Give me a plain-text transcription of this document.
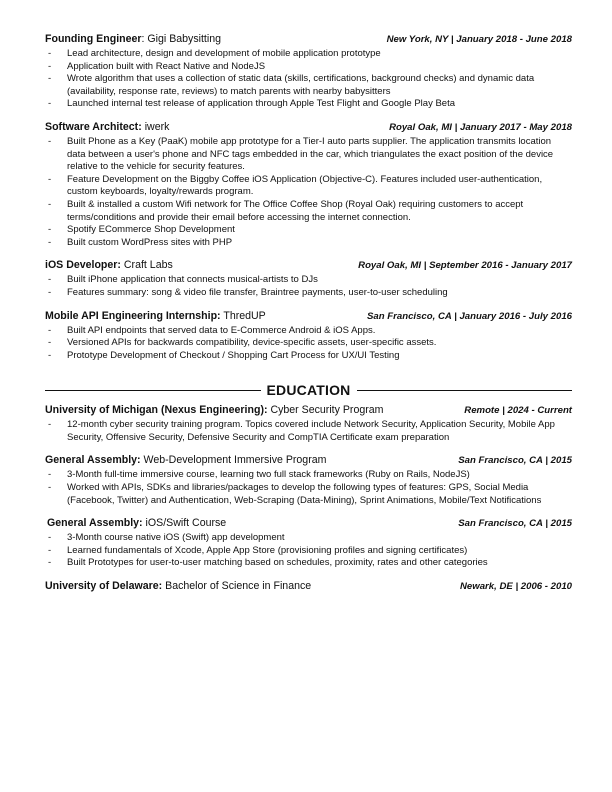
Founding Engineer: Gigi Babysitting	New York, NY | January 2018 - June 2018
- Lead architecture, design and development of mobile application prototype
- Application built with React Native and NodeJS
- Wrote algorithm that uses a collection of static data (skills, certifications, background checks) and dynamic data (availability, response rate, reviews) to match parents with nearby babysitters
- Launched internal test release of application through Apple Test Flight and Google Play Beta
Software Architect: iwerk	Royal Oak, MI | January 2017 - May 2018
- Built Phone as a Key (PaaK) mobile app prototype for a Tier-I auto parts supplier. The application transmits location data between a user's phone and NFC tags embedded in the car, which triangulates the exact position of the device relative to the vehicle for security features.
- Feature Development on the Biggby Coffee iOS Application (Objective-C). Features included user-authentication, custom keyboards, loyalty/rewards program.
- Built & installed a custom Wifi network for The Office Coffee Shop (Royal Oak) requiring customers to accept terms/conditions and provide their email before accessing the internet connection.
- Spotify ECommerce Shop Development
- Built custom WordPress sites with PHP
iOS Developer: Craft Labs	Royal Oak, MI | September 2016 - January 2017
- Built iPhone application that connects musical-artists to DJs
- Features summary: song & video file transfer, Braintree payments, user-to-user scheduling
Mobile API Engineering Internship: ThredUP	San Francisco, CA | January 2016 - July 2016
- Built API endpoints that served data to E-Commerce Android & iOS Apps.
- Versioned APIs for backwards compatibility, device-specific assets, user-specific assets.
- Prototype Development of Checkout / Shopping Cart Process for UX/UI Testing
EDUCATION
University of Michigan (Nexus Engineering): Cyber Security Program	Remote | 2024 - Current
- 12-month cyber security training program. Topics covered include Network Security, Application Security, Mobile App Security, Offensive Security, Defensive Security and CompTIA Certificate exam preparation
General Assembly: Web-Development Immersive Program	San Francisco, CA | 2015
- 3-Month full-time immersive course, learning two full stack frameworks (Ruby on Rails, NodeJS)
- Worked with APIs, SDKs and libraries/packages to develop the following types of features: GPS, Social Media (Facebook, Twitter) and Authentication, Web-Scraping (Data-Mining), Sprint Animations, Mobile/Text Notifications
General Assembly: iOS/Swift Course	San Francisco, CA | 2015
- 3-Month course native iOS (Swift) app development
- Learned fundamentals of Xcode, Apple App Store (provisioning profiles and signing certificates)
- Built Prototypes for user-to-user matching based on schedules, proximity, rates and other categories
University of Delaware: Bachelor of Science in Finance	Newark, DE | 2006 - 2010
